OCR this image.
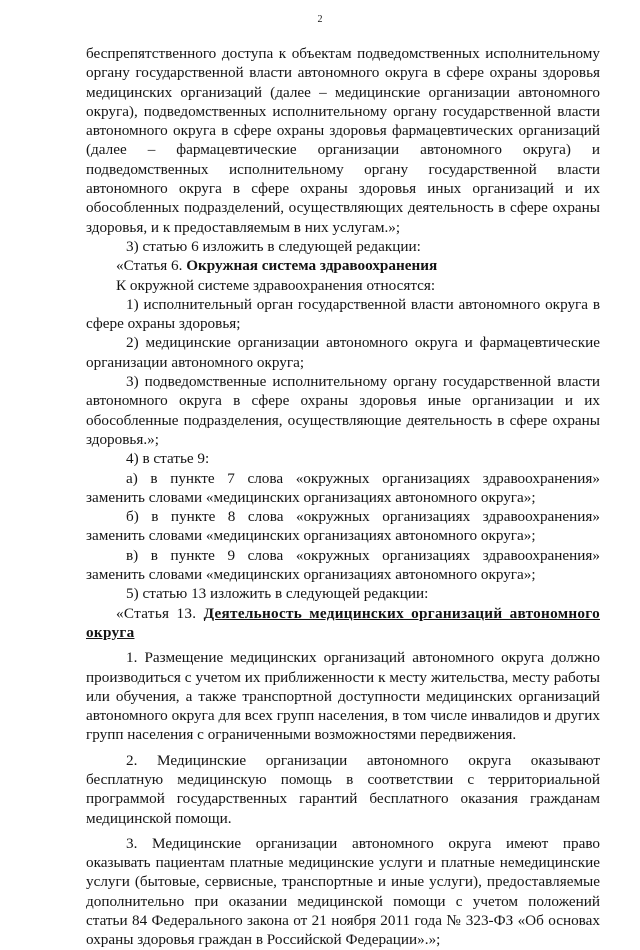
2

беспрепятственного доступа к объектам подведомственных исполнительному органу государственной власти автономного округа в сфере охраны здоровья медицинских организаций (далее – медицинские организации автономного округа), подведомственных исполнительному органу государственной власти автономного округа в сфере охраны здоровья фармацевтических организаций (далее – фармацевтические организации автономного округа) и подведомственных исполнительному органу государственной власти автономного округа в сфере охраны здоровья иных организаций и их обособленных подразделений, осуществляющих деятельность в сфере охраны здоровья, и к предоставляемым в них услугам.»;

3) статью 6 изложить в следующей редакции:

«Статья 6. Окружная система здравоохранения

К окружной системе здравоохранения относятся:

1) исполнительный орган государственной власти автономного округа в сфере охраны здоровья;

2) медицинские организации автономного округа и фармацевтические организации автономного округа;

3) подведомственные исполнительному органу государственной власти автономного округа в сфере охраны здоровья иные организации и их обособленные подразделения, осуществляющие деятельность в сфере охраны здоровья.»;

4) в статье 9:

а) в пункте 7 слова «окружных организациях здравоохранения» заменить словами «медицинских организациях автономного округа»;

б) в пункте 8 слова «окружных организациях здравоохранения» заменить словами «медицинских организациях автономного округа»;

в) в пункте 9 слова «окружных организациях здравоохранения» заменить словами «медицинских организациях автономного округа»;

5) статью 13 изложить в следующей редакции:

«Статья 13. Деятельность медицинских организаций автономного округа

1. Размещение медицинских организаций автономного округа должно производиться с учетом их приближенности к месту жительства, месту работы или обучения, а также транспортной доступности медицинских организаций автономного округа для всех групп населения, в том числе инвалидов и других групп населения с ограниченными возможностями передвижения.

2. Медицинские организации автономного округа оказывают бесплатную медицинскую помощь в соответствии с территориальной программой государственных гарантий бесплатного оказания гражданам медицинской помощи.

3. Медицинские организации автономного округа имеют право оказывать пациентам платные медицинские услуги и платные немедицинские услуги (бытовые, сервисные, транспортные и иные услуги), предоставляемые дополнительно при оказании медицинской помощи с учетом положений статьи 84 Федерального закона от 21 ноября 2011 года № 323-ФЗ «Об основах охраны здоровья граждан в Российской Федерации».»;
